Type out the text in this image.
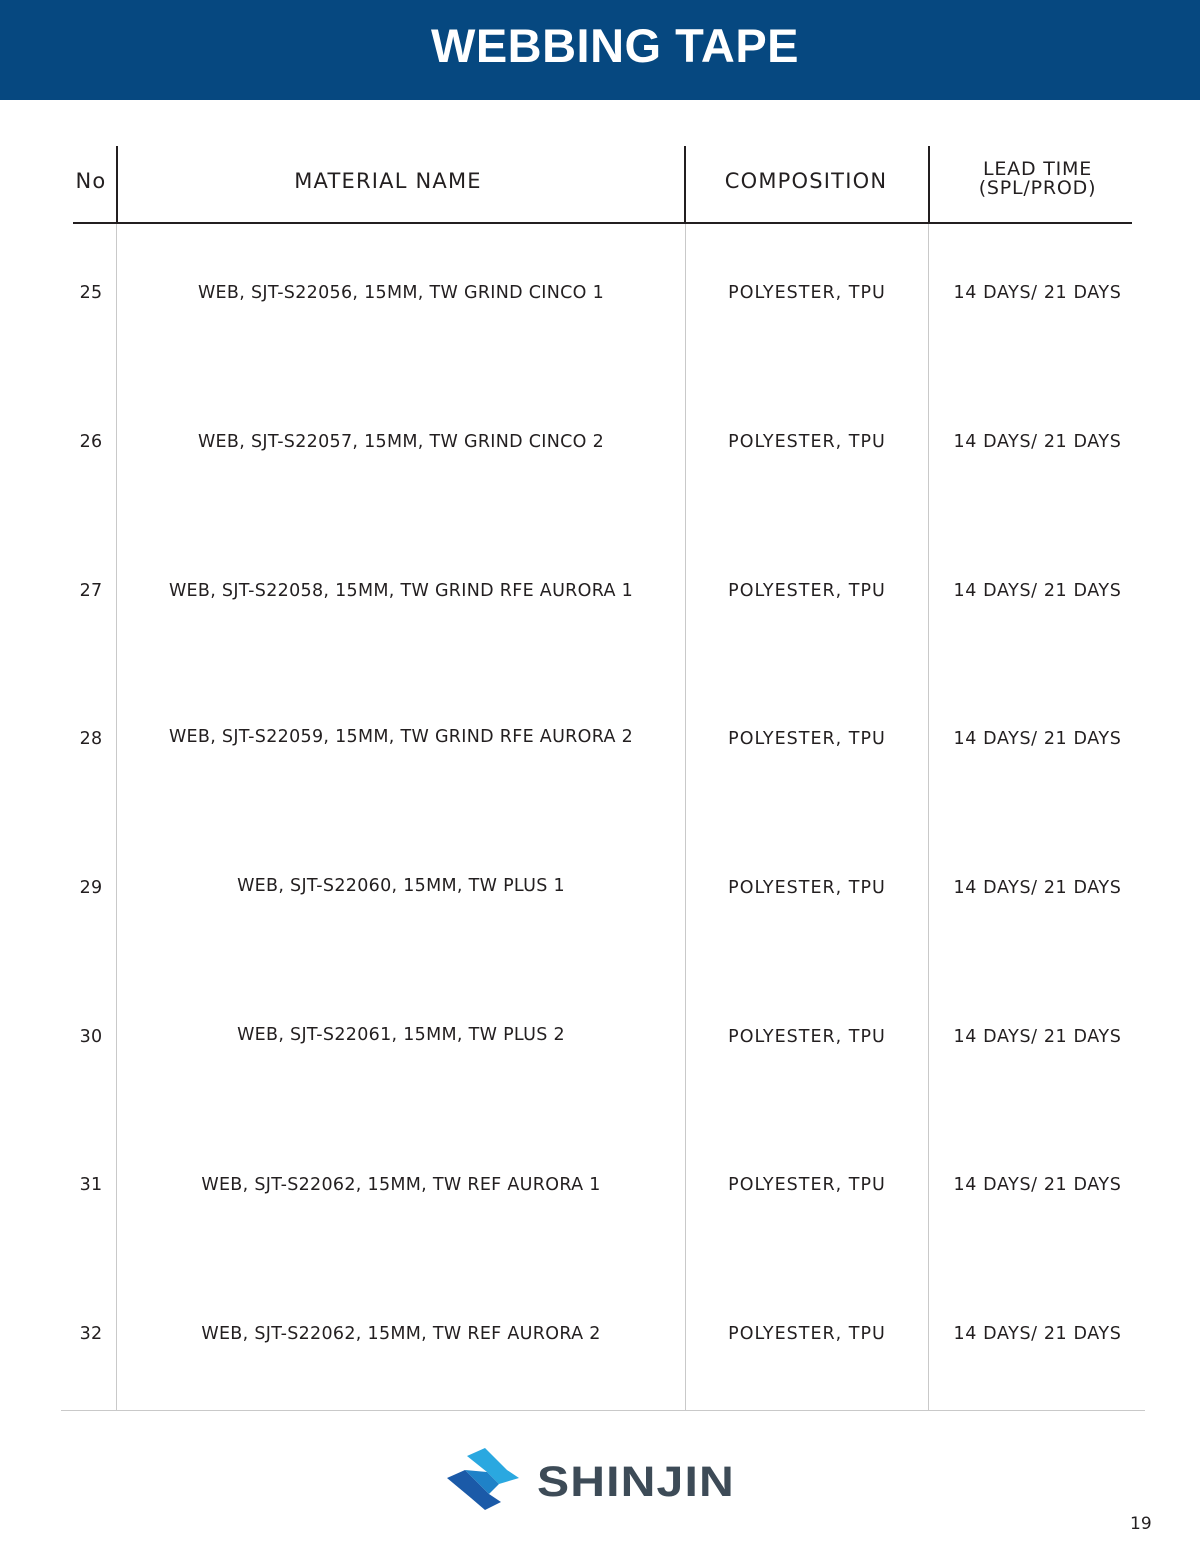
WEBBING TAPE
No	MATERIAL NAME	COMPOSITION	LEAD TIME
(SPL/PROD)
25	WEB, SJT-S22056, 15MM, TW GRIND CINCO 1	POLYESTER, TPU	14 DAYS/ 21 DAYS
26	WEB, SJT-S22057, 15MM, TW GRIND CINCO 2	POLYESTER, TPU	14 DAYS/ 21 DAYS
27	WEB, SJT-S22058, 15MM, TW GRIND RFE AURORA 1	POLYESTER, TPU	14 DAYS/ 21 DAYS
28	WEB, SJT-S22059, 15MM, TW GRIND RFE AURORA 2	POLYESTER, TPU	14 DAYS/ 21 DAYS
29	WEB, SJT-S22060, 15MM, TW PLUS 1	POLYESTER, TPU	14 DAYS/ 21 DAYS
30	WEB, SJT-S22061, 15MM, TW PLUS 2	POLYESTER, TPU	14 DAYS/ 21 DAYS
31	WEB, SJT-S22062, 15MM, TW REF AURORA 1	POLYESTER, TPU	14 DAYS/ 21 DAYS
32	WEB, SJT-S22062, 15MM, TW REF AURORA 2	POLYESTER, TPU	14 DAYS/ 21 DAYS
SHINJIN
19
